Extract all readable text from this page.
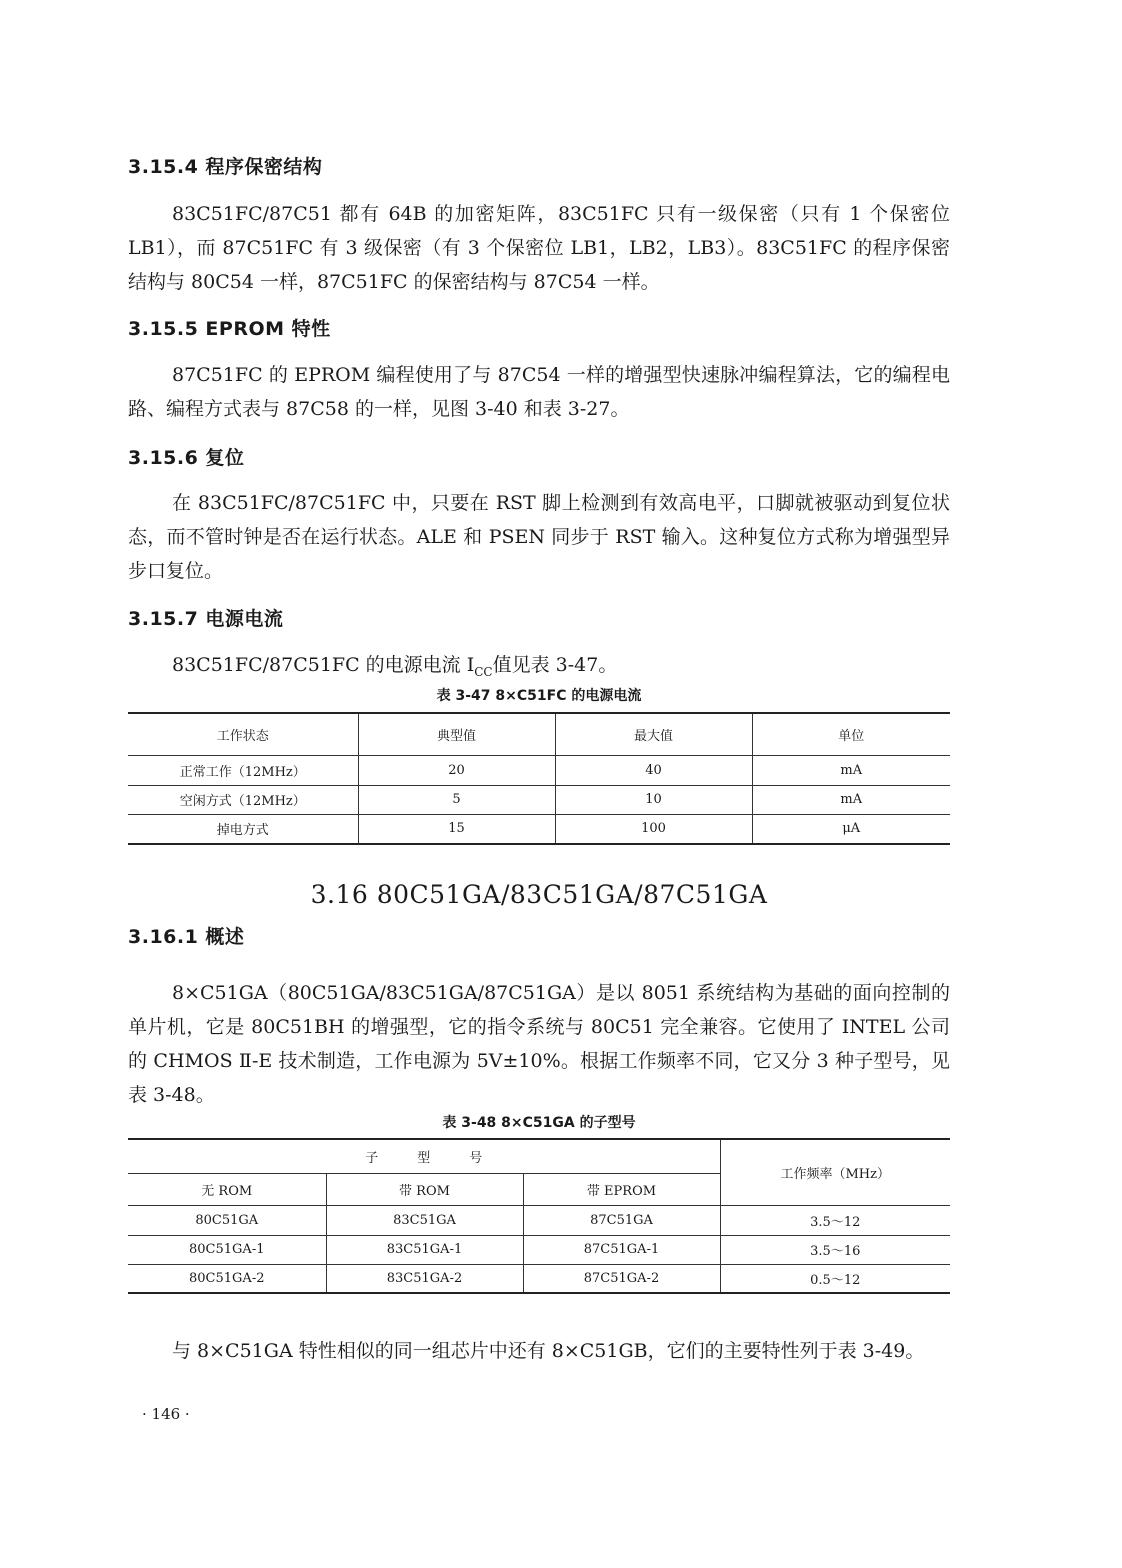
3.15.4 程序保密结构

83C51FC/87C51 都有 64B 的加密矩阵，83C51FC 只有一级保密（只有 1 个保密位 LB1），而 87C51FC 有 3 级保密（有 3 个保密位 LB1，LB2，LB3）。83C51FC 的程序保密结构与 80C54 一样，87C51FC 的保密结构与 87C54 一样。

3.15.5 EPROM 特性

87C51FC 的 EPROM 编程使用了与 87C54 一样的增强型快速脉冲编程算法，它的编程电路、编程方式表与 87C58 的一样，见图 3-40 和表 3-27。

3.15.6 复位

在 83C51FC/87C51FC 中，只要在 RST 脚上检测到有效高电平，口脚就被驱动到复位状态，而不管时钟是否在运行状态。ALE 和 PSEN 同步于 RST 输入。这种复位方式称为增强型异步口复位。

3.15.7 电源电流

83C51FC/87C51FC 的电源电流 $I_{CC}$值见表 3-47。

表 3-47 8×C51FC 的电源电流
工作状态	典型值	最大值	单位
正常工作（12MHz）	20	40	mA
空闲方式（12MHz）	5	10	mA
掉电方式	15	100	μA
3.16 80C51GA/83C51GA/87C51GA
3.16.1 概述

8×C51GA（80C51GA/83C51GA/87C51GA）是以 8051 系统结构为基础的面向控制的单片机，它是 80C51BH 的增强型，它的指令系统与 80C51 完全兼容。它使用了 INTEL 公司的 CHMOS Ⅱ-E 技术制造，工作电源为 5V±10%。根据工作频率不同，它又分 3 种子型号，见表 3-48。

表 3-48 8×C51GA 的子型号
子　　　型　　　号			工作频率（MHz）
无 ROM	带 ROM	带 EPROM	
80C51GA	83C51GA	87C51GA	3.5～12
80C51GA-1	83C51GA-1	87C51GA-1	3.5～16
80C51GA-2	83C51GA-2	87C51GA-2	0.5～12

与 8×C51GA 特性相似的同一组芯片中还有 8×C51GB，它们的主要特性列于表 3-49。

· 146 ·
